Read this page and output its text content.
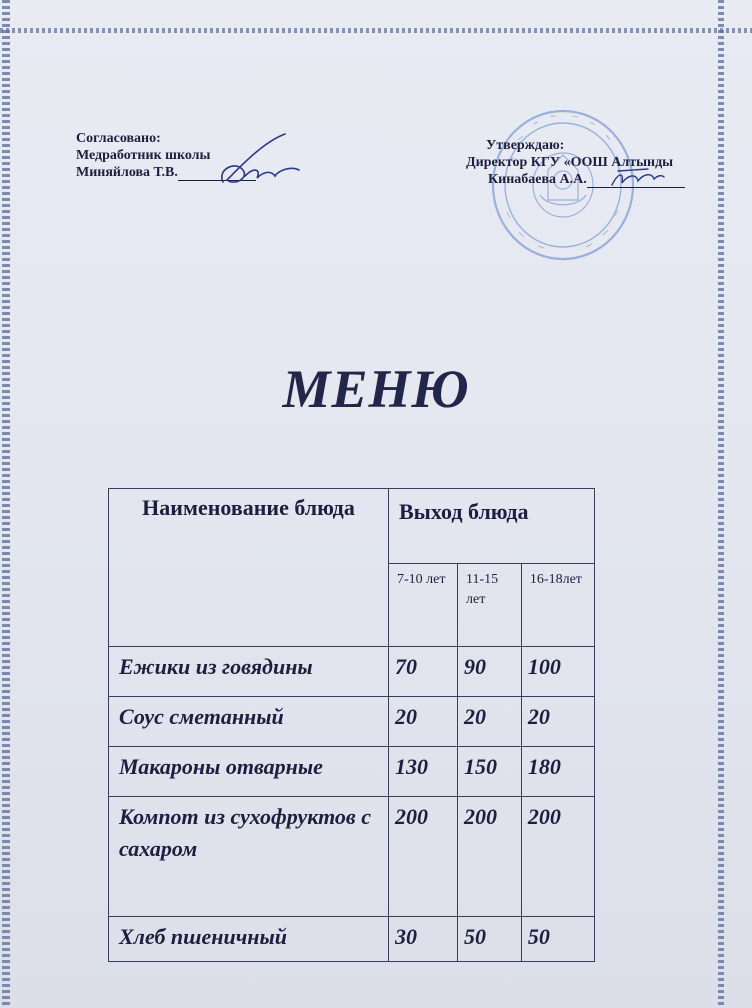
Согласовано:
Медработник школы
Миняйлова Т.В.
Утверждаю:
Директор КГУ «ООШ Алтынды
Кинабаева А.А.
МЕНЮ
Наименование блюда	Выход блюда		
	7-10 лет	11-15 лет	16-18лет
Ежики из говядины	70	90	100
Соус сметанный	20	20	20
Макароны отварные	130	150	180
Компот из сухофруктов с сахаром	200	200	200
Хлеб пшеничный	30	50	50
